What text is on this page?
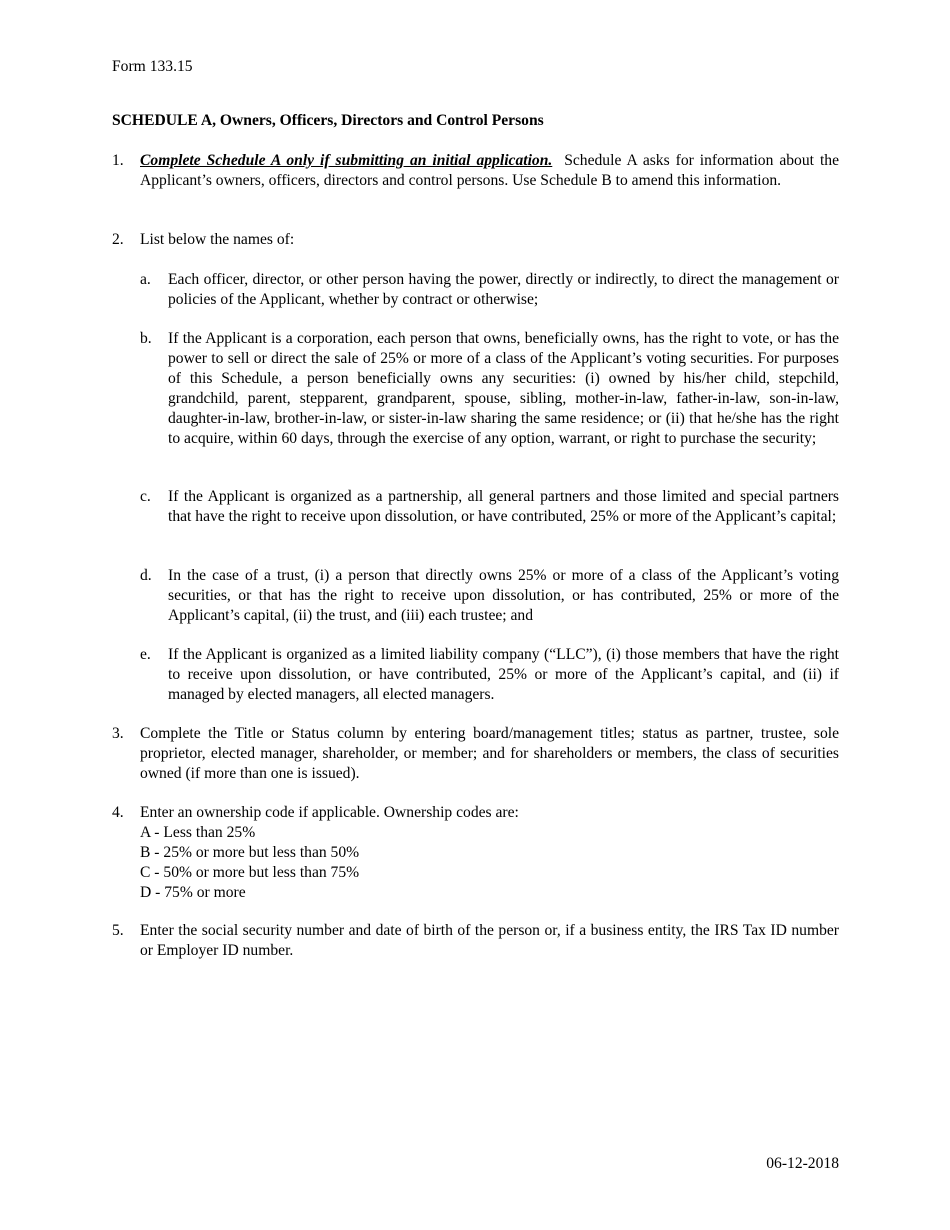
Form 133.15

SCHEDULE A, Owners, Officers, Directors and Control Persons

1. Complete Schedule A only if submitting an initial application. Schedule A asks for information about the Applicant’s owners, officers, directors and control persons. Use Schedule B to amend this information.
2. List below the names of:
a. Each officer, director, or other person having the power, directly or indirectly, to direct the management or policies of the Applicant, whether by contract or otherwise;
b. If the Applicant is a corporation, each person that owns, beneficially owns, has the right to vote, or has the power to sell or direct the sale of 25% or more of a class of the Applicant’s voting securities. For purposes of this Schedule, a person beneficially owns any securities: (i) owned by his/her child, stepchild, grandchild, parent, stepparent, grandparent, spouse, sibling, mother-in-law, father-in-law, son-in-law, daughter-in-law, brother-in-law, or sister-in-law sharing the same residence; or (ii) that he/she has the right to acquire, within 60 days, through the exercise of any option, warrant, or right to purchase the security;
c. If the Applicant is organized as a partnership, all general partners and those limited and special partners that have the right to receive upon dissolution, or have contributed, 25% or more of the Applicant’s capital;
d. In the case of a trust, (i) a person that directly owns 25% or more of a class of the Applicant’s voting securities, or that has the right to receive upon dissolution, or has contributed, 25% or more of the Applicant’s capital, (ii) the trust, and (iii) each trustee; and
e. If the Applicant is organized as a limited liability company (“LLC”), (i) those members that have the right to receive upon dissolution, or have contributed, 25% or more of the Applicant’s capital, and (ii) if managed by elected managers, all elected managers.
3. Complete the Title or Status column by entering board/management titles; status as partner, trustee, sole proprietor, elected manager, shareholder, or member; and for shareholders or members, the class of securities owned (if more than one is issued).
4. Enter an ownership code if applicable. Ownership codes are:
A - Less than 25%
B - 25% or more but less than 50%
C - 50% or more but less than 75%
D - 75% or more
5. Enter the social security number and date of birth of the person or, if a business entity, the IRS Tax ID number or Employer ID number.

06-12-2018
